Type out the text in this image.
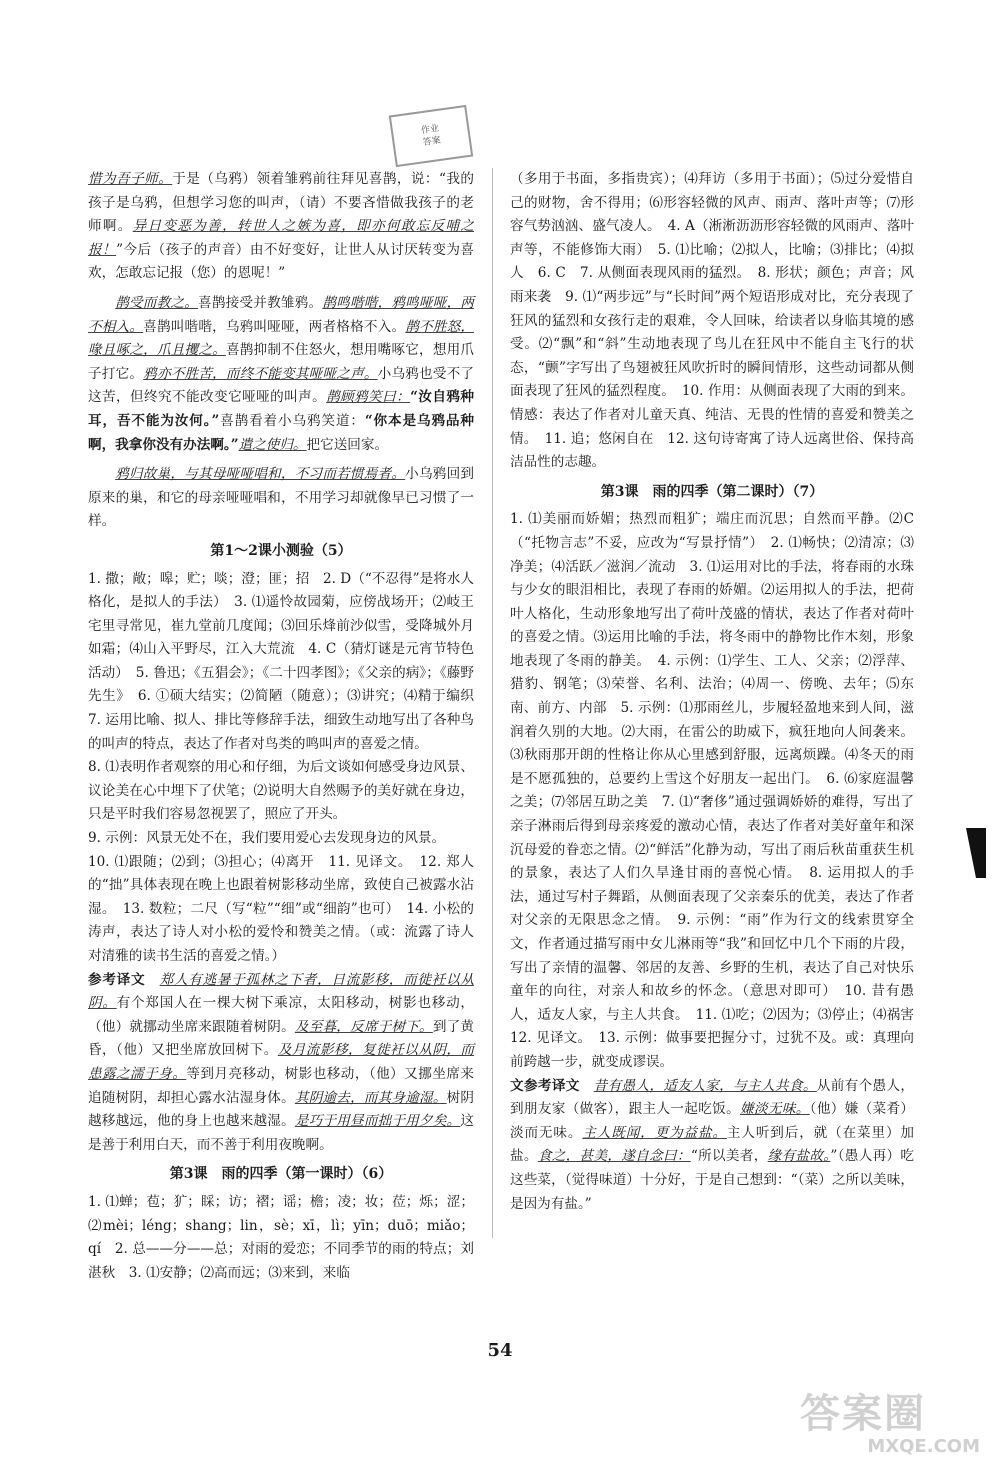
作业
答案

惜为吾子师。于是（乌鸦）领着雏鸦前往拜见喜鹊，说：“我的孩子是乌鸦，但想学习您的叫声，（请）不要吝惜做我孩子的老师啊。异日变恶为善，转世人之嫉为喜，即亦何敢忘反哺之报！”今后（孩子的声音）由不好变好，让世人从讨厌转变为喜欢，怎敢忘记报（您）的恩呢！”

鹊受而教之。喜鹊接受并教雏鸦。鹊鸣喈喈，鸦鸣哑哑，两不相入。喜鹊叫喈喈，乌鸦叫哑哑，两者格格不入。鹊不胜怒，喙且啄之，爪且攫之。喜鹊抑制不住怒火，想用嘴啄它，想用爪子打它。鸦亦不胜苦，而终不能变其哑哑之声。小乌鸦也受不了这苦，但终究不能改变它哑哑的叫声。鹊顾鸦笑曰：“汝自鸦种耳，吾不能为汝何。”喜鹊看着小乌鸦笑道：“你本是乌鸦品种啊，我拿你没有办法啊。”遣之使归。把它送回家。

鸦归故巢，与其母哑哑唱和，不习而若惯焉者。小乌鸦回到原来的巢，和它的母亲哑哑唱和，不用学习却就像早已习惯了一样。

第1～2课小测验（5）

1. 撒；敞；嗥；贮；啖；澄；匪；招　2. D（“不忍得”是将水人格化，是拟人的手法）　3. ⑴遥怜故园菊，应傍战场开；⑵岐王宅里寻常见，崔九堂前几度闻；⑶回乐烽前沙似雪，受降城外月如霜；⑷山入平野尽，江入大荒流　4. C（猜灯谜是元宵节特色活动）　5. 鲁迅；《五猖会》；《二十四孝图》；《父亲的病》；《藤野先生》　6. ①硕大结实；⑵简陋（随意）；⑶讲究；⑷精于编织　7. 运用比喻、拟人、排比等修辞手法，细致生动地写出了各种鸟的叫声的特点，表达了作者对鸟类的鸣叫声的喜爱之情。

8. ⑴表明作者观察的用心和仔细，为后文谈如何感受身边风景、议论美在心中埋下了伏笔；⑵说明大自然赐予的美好就在身边，只是平时我们容易忽视罢了，照应了开头。

9. 示例：风景无处不在，我们要用爱心去发现身边的风景。

10. ⑴跟随；⑵到；⑶担心；⑷离开　11. 见译文。　12. 郑人的“拙”具体表现在晚上也跟着树影移动坐席，致使自己被露水沾湿。　13. 数粒；二尺（写“粒”“细”或“细韵”也可）　14. 小松的涛声，表达了诗人对小松的爱怜和赞美之情。（或：流露了诗人对清雅的读书生活的喜爱之情。）

参考译文　郑人有逃暑于孤林之下者，日流影移，而徙衽以从阴。有个郑国人在一棵大树下乘凉，太阳移动，树影也移动，（他）就挪动坐席来跟随着树阴。及至暮，反席于树下。到了黄昏，（他）又把坐席放回树下。及月流影移，复徙衽以从阴，而患露之濡于身。等到月亮移动，树影也移动，（他）又挪坐席来追随树阴，却担心露水沾湿身体。其阴逾去，而其身逾湿。树阴越移越远，他的身上也越来越湿。是巧于用昼而拙于用夕矣。这是善于利用白天，而不善于利用夜晚啊。

第3课　雨的四季（第一课时）（6）

1. ⑴蝉；苞；犷；睬；访；褶；谣；檐；凌；妆；莅；烁；涩；⑵mèi；léng；shang；lin，sè；xī，lì；yīn；duō；miǎo；qí　2. 总——分——总；对雨的爱恋；不同季节的雨的特点；刘湛秋　3. ⑴安静；⑵高而远；⑶来到，来临

（多用于书面，多指贵宾）；⑷拜访（多用于书面）；⑸过分爱惜自己的财物，舍不得用；⑹形容轻微的风声、雨声、落叶声等；⑺形容气势汹汹、盛气凌人。　4. A（淅淅沥沥形容轻微的风雨声、落叶声等，不能修饰大雨）　5. ⑴比喻；⑵拟人，比喻；⑶排比；⑷拟人　6. C　7. 从侧面表现风雨的猛烈。　8. 形状；颜色；声音；风雨来袭　9. ⑴“两步远”与“长时间”两个短语形成对比，充分表现了狂风的猛烈和女孩行走的艰难，令人回味，给读者以身临其境的感受。⑵“飘”和“斜”生动地表现了鸟儿在狂风中不能自主飞行的状态，“颤”字写出了鸟翅被狂风吹折时的瞬间情形，这些动词都从侧面表现了狂风的猛烈程度。　10. 作用：从侧面表现了大雨的到来。情感：表达了作者对儿童天真、纯洁、无畏的性情的喜爱和赞美之情。　11. 追；悠闲自在　12. 这句诗寄寓了诗人远离世俗、保持高洁品性的志趣。

第3课　雨的四季（第二课时）（7）

1. ⑴美丽而娇媚；热烈而粗犷；端庄而沉思；自然而平静。⑵C（“托物言志”不妥，应改为“写景抒情”）　2. ⑴畅快；⑵清凉；⑶净美；⑷活跃／滋润／流动　3. ⑴运用对比的手法，将春雨的水珠与少女的眼泪相比，表现了春雨的娇媚。⑵运用拟人的手法，把荷叶人格化，生动形象地写出了荷叶茂盛的情状，表达了作者对荷叶的喜爱之情。⑶运用比喻的手法，将冬雨中的静物比作木刻，形象地表现了冬雨的静美。　4. 示例：⑴学生、工人、父亲；⑵浮萍、猎豹、钢笔；⑶荣誉、名利、法治；⑷周一、傍晚、去年；⑸东南、前方、内部　5. 示例：⑴那雨丝儿，步履轻盈地来到人间，滋润着久别的大地。⑵大雨，在雷公的助威下，疯狂地向人间袭来。⑶秋雨那开朗的性格让你从心里感到舒服，远离烦躁。⑷冬天的雨是不愿孤独的，总要约上雪这个好朋友一起出门。　6. ⑹家庭温馨之美；⑺邻居互助之美　7. ⑴“奢侈”通过强调娇娇的难得，写出了亲子淋雨后得到母亲疼爱的激动心情，表达了作者对美好童年和深沉母爱的眷恋之情。⑵“鲜活”化静为动，写出了雨后秋苗重获生机的景象，表达了人们久旱逢甘雨的喜悦心情。　8. 运用拟人的手法，通过写村子舞蹈，从侧面表现了父亲秦乐的优美，表达了作者对父亲的无限思念之情。　9. 示例：“雨”作为行文的线索贯穿全文，作者通过描写雨中女儿淋雨等“我”和回忆中几个下雨的片段，写出了亲情的温馨、邻居的友善、乡野的生机，表达了自己对快乐童年的向往，对亲人和故乡的怀念。（意思对即可）　10. 昔有愚人，适友人家，与主人共食。　11. ⑴吃；⑵因为；⑶停止；⑷祸害　12. 见译文。　13. 示例：做事要把握分寸，过犹不及。或：真理向前跨越一步，就变成谬误。

文参考译文　昔有愚人，适友人家，与主人共食。从前有个愚人，到朋友家（做客），跟主人一起吃饭。嫌淡无味。（他）嫌（菜肴）淡而无味。主人既闻，更为益盐。主人听到后，就（在菜里）加盐。食之，甚美，遂自念曰：“所以美者，缘有盐故。”（愚人再）吃这些菜，（觉得味道）十分好，于是自己想到：“（菜）之所以美味，是因为有盐。”

54
答案圈
MXQE.COM
